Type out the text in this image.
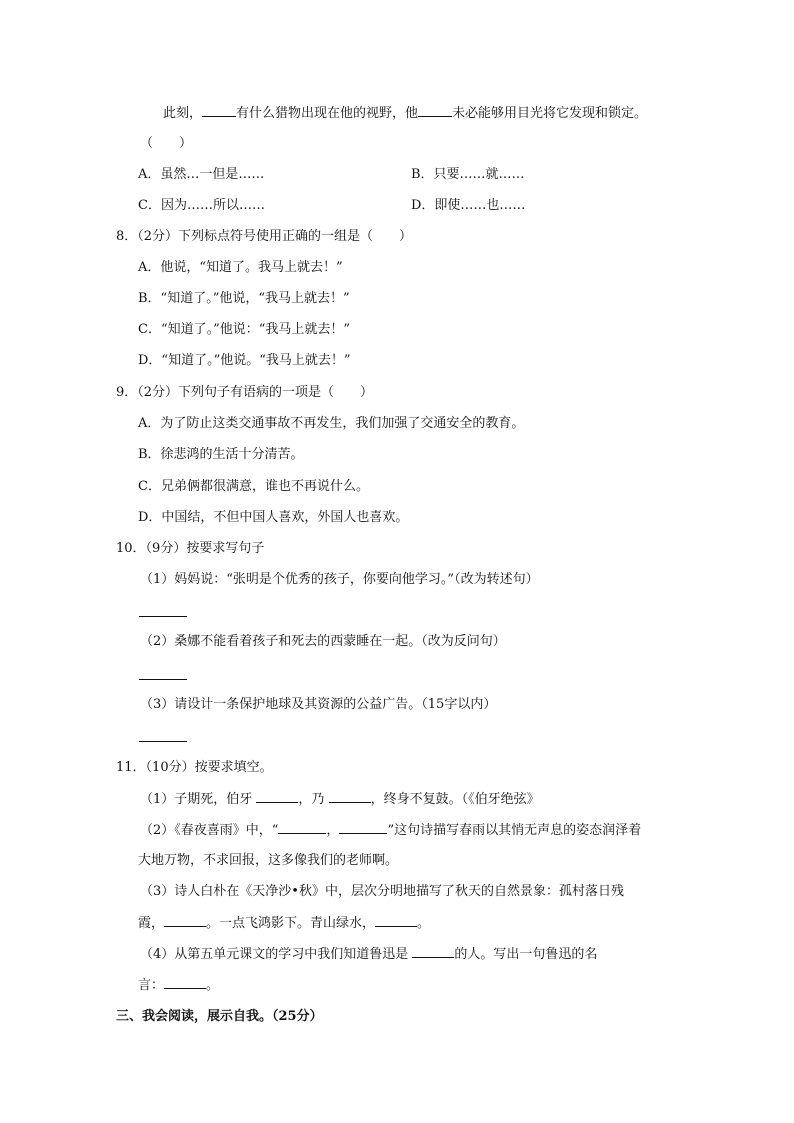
此刻，	有什么猎物出现在他的视野，他	未必能够用目光将它发现和锁定。
（　　）
A．虽然…一但是……	B．只要……就……
C．因为……所以……	D．即使……也……
8．（2分）下列标点符号使用正确的一组是（　　）
A．他说，“知道了。我马上就去！”
B．“知道了。”他说，“我马上就去！”
C．“知道了。”他说：“我马上就去！”
D．“知道了。”他说。“我马上就去！”
9．（2分）下列句子有语病的一项是（　　）
A．为了防止这类交通事故不再发生，我们加强了交通安全的教育。
B．徐悲鸿的生活十分清苦。
C．兄弟俩都很满意，谁也不再说什么。
D．中国结，不但中国人喜欢，外国人也喜欢。
10．（9分）按要求写句子
（1）妈妈说：“张明是个优秀的孩子，你要向他学习。”（改为转述句）
（2）桑娜不能看着孩子和死去的西蒙睡在一起。（改为反问句）
（3）请设计一条保护地球及其资源的公益广告。（15字以内）
11．（10分）按要求填空。
（1）子期死，伯牙	，乃	，终身不复鼓。（《伯牙绝弦》
（2）《春夜喜雨》中，“	，	”这句诗描写春雨以其悄无声息的姿态润泽着
大地万物，不求回报，这多像我们的老师啊。
（3）诗人白朴在《天净沙•秋》中，层次分明地描写了秋天的自然景象：孤村落日残
霞，	。一点飞鸿影下。青山绿水，	。
（4）从第五单元课文的学习中我们知道鲁迅是	的人。写出一句鲁迅的名
言：	。
三、我会阅读，展示自我。（25分）
